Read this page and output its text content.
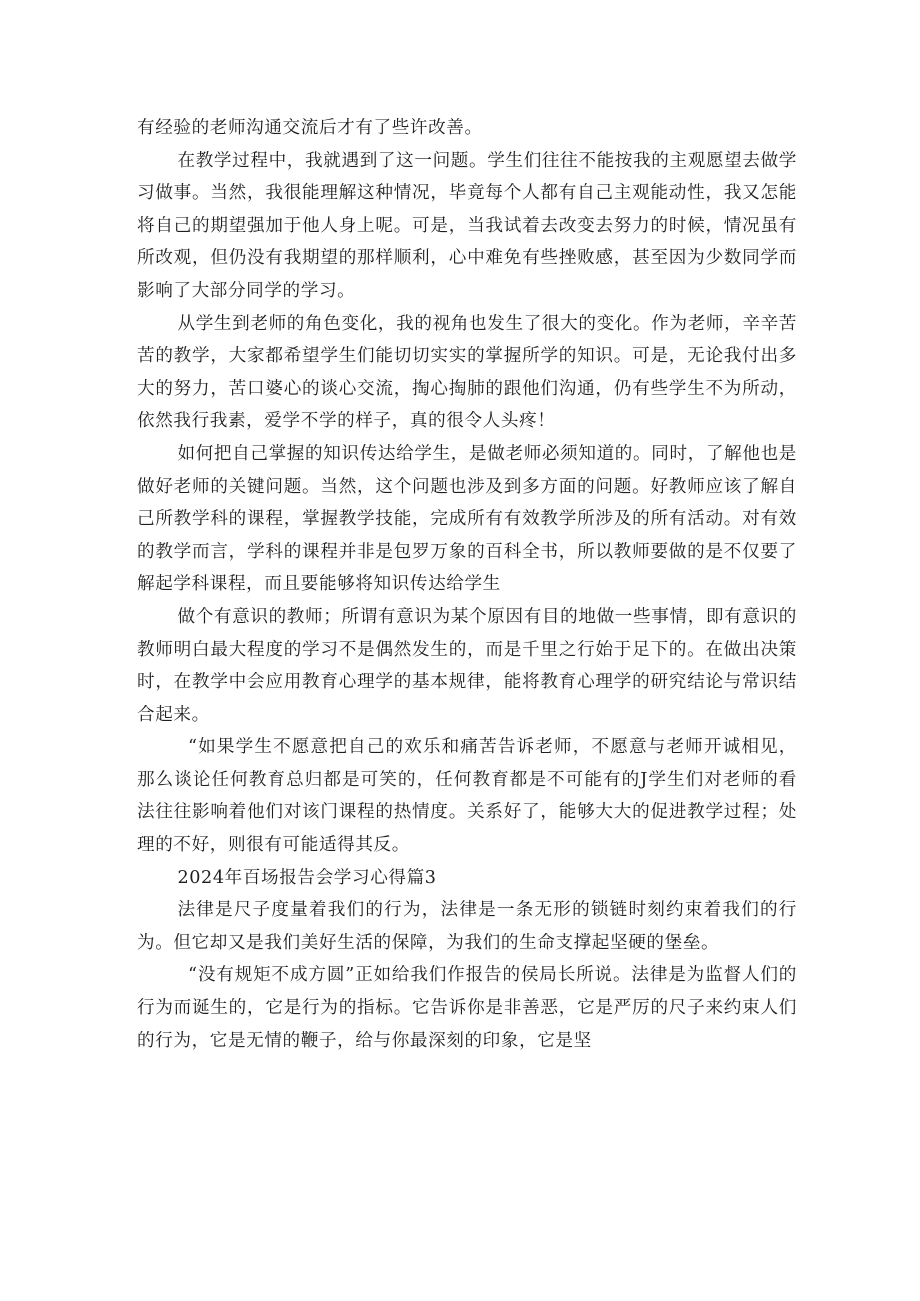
有经验的老师沟通交流后才有了些许改善。

在教学过程中，我就遇到了这一问题。学生们往往不能按我的主观愿望去做学习做事。当然，我很能理解这种情况，毕竟每个人都有自己主观能动性，我又怎能将自己的期望强加于他人身上呢。可是，当我试着去改变去努力的时候，情况虽有所改观，但仍没有我期望的那样顺利，心中难免有些挫败感，甚至因为少数同学而影响了大部分同学的学习。

从学生到老师的角色变化，我的视角也发生了很大的变化。作为老师，辛辛苦苦的教学，大家都希望学生们能切切实实的掌握所学的知识。可是，无论我付出多大的努力，苦口婆心的谈心交流，掏心掏肺的跟他们沟通，仍有些学生不为所动，依然我行我素，爱学不学的样子，真的很令人头疼！

如何把自己掌握的知识传达给学生，是做老师必须知道的。同时，了解他也是做好老师的关键问题。当然，这个问题也涉及到多方面的问题。好教师应该了解自己所教学科的课程，掌握教学技能，完成所有有效教学所涉及的所有活动。对有效的教学而言，学科的课程并非是包罗万象的百科全书，所以教师要做的是不仅要了解起学科课程，而且要能够将知识传达给学生

做个有意识的教师；所谓有意识为某个原因有目的地做一些事情，即有意识的教师明白最大程度的学习不是偶然发生的，而是千里之行始于足下的。在做出决策时，在教学中会应用教育心理学的基本规律，能将教育心理学的研究结论与常识结合起来。

“如果学生不愿意把自己的欢乐和痛苦告诉老师，不愿意与老师开诚相见，那么谈论任何教育总归都是可笑的，任何教育都是不可能有的J学生们对老师的看法往往影响着他们对该门课程的热情度。关系好了，能够大大的促进教学过程；处理的不好，则很有可能适得其反。

2024年百场报告会学习心得篇3

法律是尺子度量着我们的行为，法律是一条无形的锁链时刻约束着我们的行为。但它却又是我们美好生活的保障，为我们的生命支撑起坚硬的堡垒。

“没有规矩不成方圆”正如给我们作报告的侯局长所说。法律是为监督人们的行为而诞生的，它是行为的指标。它告诉你是非善恶，它是严厉的尺子来约束人们的行为，它是无情的鞭子，给与你最深刻的印象，它是坚
